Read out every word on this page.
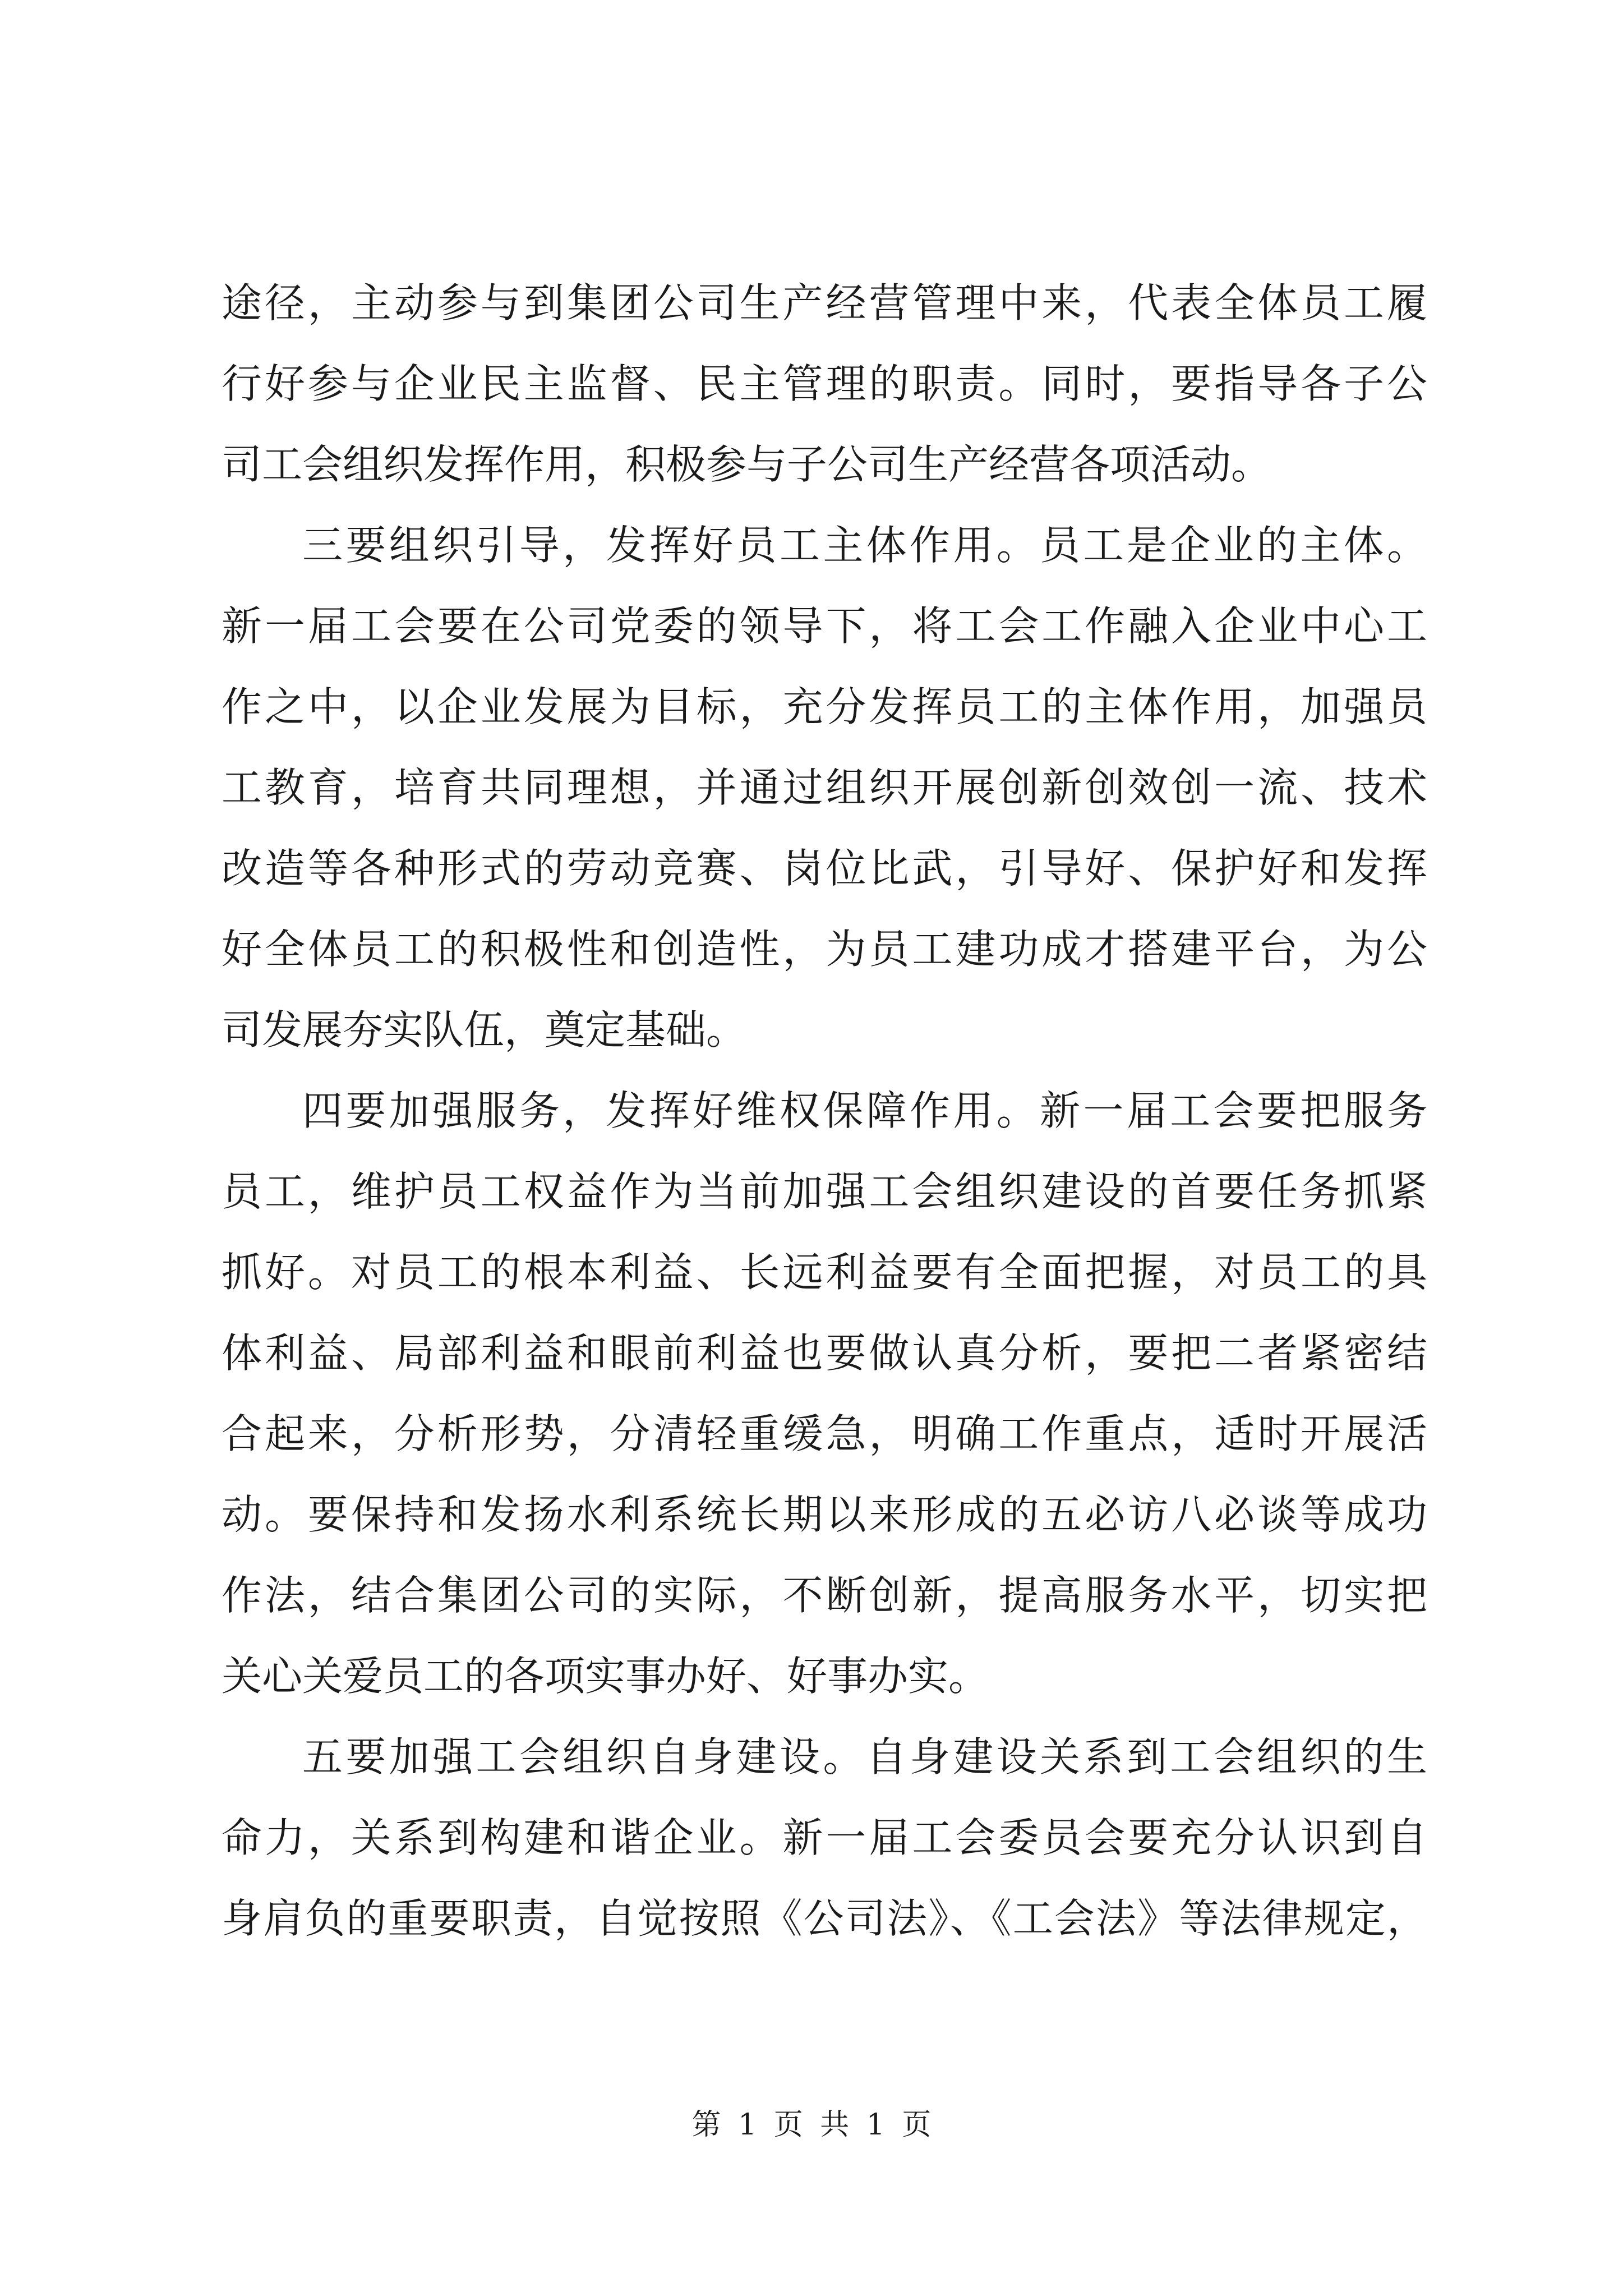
途径，主动参与到集团公司生产经营管理中来，代表全体员工履
行好参与企业民主监督、民主管理的职责。同时，要指导各子公
司工会组织发挥作用，积极参与子公司生产经营各项活动。
三要组织引导，发挥好员工主体作用。员工是企业的主体。
新一届工会要在公司党委的领导下，将工会工作融入企业中心工
作之中，以企业发展为目标，充分发挥员工的主体作用，加强员
工教育，培育共同理想，并通过组织开展创新创效创一流、技术
改造等各种形式的劳动竞赛、岗位比武，引导好、保护好和发挥
好全体员工的积极性和创造性，为员工建功成才搭建平台，为公
司发展夯实队伍，奠定基础。
四要加强服务，发挥好维权保障作用。新一届工会要把服务
员工，维护员工权益作为当前加强工会组织建设的首要任务抓紧
抓好。对员工的根本利益、长远利益要有全面把握，对员工的具
体利益、局部利益和眼前利益也要做认真分析，要把二者紧密结
合起来，分析形势，分清轻重缓急，明确工作重点，适时开展活
动。要保持和发扬水利系统长期以来形成的五必访八必谈等成功
作法，结合集团公司的实际，不断创新，提高服务水平，切实把
关心关爱员工的各项实事办好、好事办实。
五要加强工会组织自身建设。自身建设关系到工会组织的生
命力，关系到构建和谐企业。新一届工会委员会要充分认识到自
身肩负的重要职责，自觉按照《公司法》、《工会法》等法律规定，
第 1 页 共 1 页
